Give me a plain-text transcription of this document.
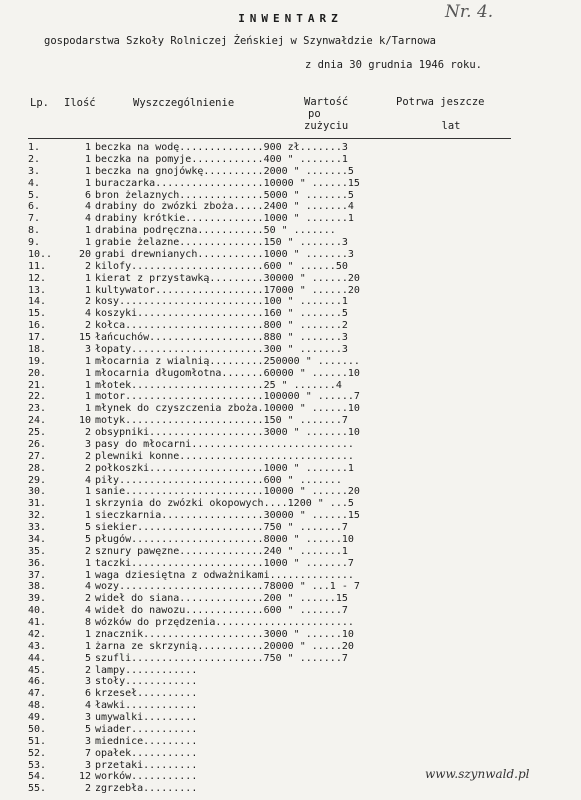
Nr. 4.
INWENTARZ
gospodarstwa Szkoły Rolniczej Żeńskiej w Szynwałdzie k/Tarnowa
z dnia 30 grudnia 1946 roku.
Lp. Ilość	Wyszczególnienie	Wartość
po
zużyciu
Potrwa jeszcze
lat
1.	1 beczka na wodę..............900 zł.......3
2.	1 beczka na pomyje............400 " .......1
3.	1 beczka na gnojówkę..........2000 " .......5
4.	1 buraczarka..................10000 " ......15
5.	6 bron żelaznych..............5000 " .......5
6.	4 drabiny do zwózki zboża.....2400 " .......4
7.	4 drabiny krótkie.............1000 " .......1
8.	1 drabina podręczna...........50 " .......
9.	1 grabie żelazne..............150 " .......3
10..	20 grabi drewnianych...........1000 " .......3
11.	2 kilofy......................600 " ......50
12.	1 kierat z przystawką.........30000 " ......20
13.	1 kultywator..................17000 " ......20
14.	2 kosy........................100 " .......1
15.	4 koszyki.....................160 " .......5
16.	2 kołca.......................800 " .......2
17.	15 łańcuchów...................880 " .......3
18.	3 łopaty......................300 " .......3
19.	1 młocarnia z wialnią.........250000 " .......
20.	1 młocarnia długomłotna.......60000 " ......10
21.	1 młotek......................25 " .......4
22.	1 motor.......................100000 " ......7
23.	1 młynek do czyszczenia zboża.10000 " ......10
24.	10 motyk.......................150 " .......7
25.	2 obsypniki...................3000 " .......10
26.	3 pasy do młocarni...........................
27.	2 plewniki konne.............................
28.	2 połkoszki...................1000 " .......1
29.	4 piły........................600 " .......
30.	1 sanie.......................10000 " ......20
31.	1 skrzynia do zwózki okopowych....1200 " ...5
32.	1 sieczkarnia.................30000 " ......15
33.	5 siekier.....................750 " .......7
34.	5 pługów......................8000 " ......10
35.	2 sznury pawęzne..............240 " .......1
36.	1 taczki......................1000 " .......7
37.	1 waga dziesiętna z odważnikami..............
38.	4 wozy........................78000 " ...1 - 7
39.	2 wideł do siana..............200 " ......15
40.	4 wideł do nawozu.............600 " .......7
41.	8 wózków do przędzenia.......................
42.	1 znacznik....................3000 " ......10
43.	1 żarna ze skrzynią...........20000 " .....20
44.	5 szufli......................750 " .......7
45.	2 lampy............
46.	3 stoły............
47.	6 krzeseł..........
48.	4 ławki............
49.	3 umywalki.........
50.	5 wiader...........
51.	3 miednice.........
52.	7 opałek...........
53.	3 przetaki.........
54.	12 worków...........
55.	2 zgrzebła.........
www.szynwald.pl
